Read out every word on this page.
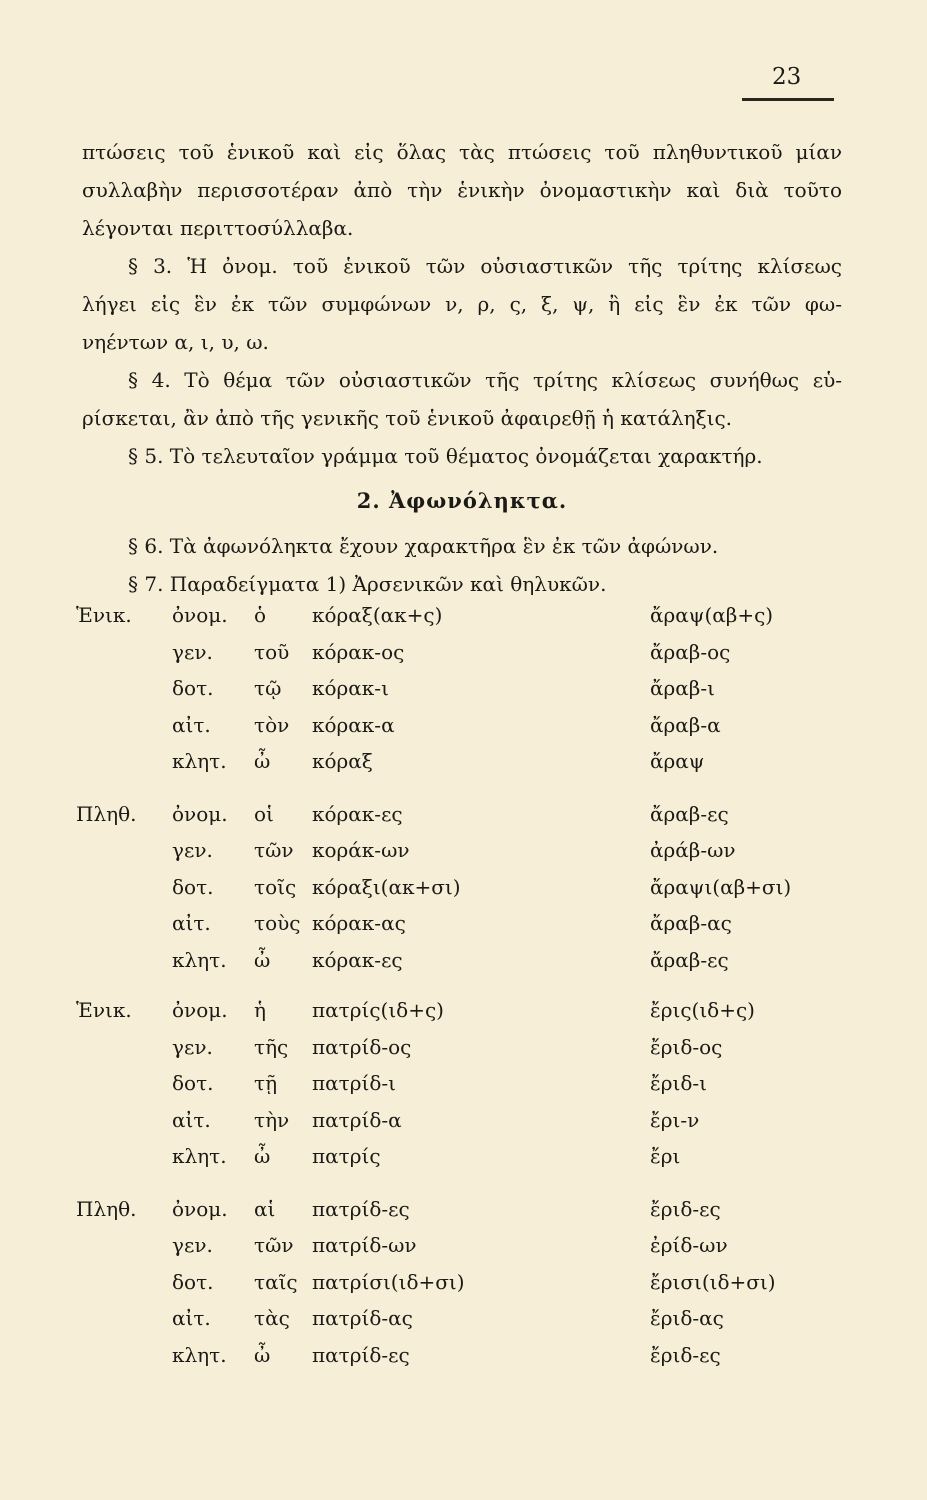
23
πτώσεις τοῦ ἑνικοῦ καὶ εἰς ὅλας τὰς πτώσεις τοῦ πληθυντικοῦ μίαν
συλλαβὴν περισσοτέραν ἀπὸ τὴν ἑνικὴν ὀνομαστικὴν καὶ διὰ τοῦτο
λέγονται περιττοσύλλαβα.
§ 3. Ἡ ὀνομ. τοῦ ἑνικοῦ τῶν οὐσιαστικῶν τῆς τρίτης κλίσεως
λήγει εἰς ἓν ἐκ τῶν συμφώνων ν, ρ, ς, ξ, ψ, ἢ εἰς ἓν ἐκ τῶν φω-
νηέντων α, ι, υ, ω.
§ 4. Τὸ θέμα τῶν οὐσιαστικῶν τῆς τρίτης κλίσεως συνήθως εὑ-
ρίσκεται, ἂν ἀπὸ τῆς γενικῆς τοῦ ἑνικοῦ ἀφαιρεθῇ ἡ κατάληξις.
§ 5. Τὸ τελευταῖον γράμμα τοῦ θέματος ὀνομάζεται χαρακτήρ.
2. Ἀφωνόληκτα.
§ 6. Τὰ ἀφωνόληκτα ἔχουν χαρακτῆρα ἓν ἐκ τῶν ἀφώνων.
§ 7. Παραδείγματα 1) Ἀρσενικῶν καὶ θηλυκῶν.
Ἑνικ. ὀνομ. ὁ κόραξ(ακ+ς)	ἄραψ(αβ+ς)
γεν. τοῦ κόρακ-ος	ἄραβ-ος
δοτ. τῷ κόρακ-ι	ἄραβ-ι
αἰτ. τὸν κόρακ-α	ἄραβ-α
κλητ. ὦ κόραξ	ἄραψ
Πληθ. ὀνομ. οἱ κόρακ-ες	ἄραβ-ες
γεν. τῶν κοράκ-ων	ἀράβ-ων
δοτ. τοῖς κόραξι(ακ+σι)	ἄραψι(αβ+σι)
αἰτ. τοὺς κόρακ-ας	ἄραβ-ας
κλητ. ὦ κόρακ-ες	ἄραβ-ες
Ἑνικ. ὀνομ. ἡ πατρίς(ιδ+ς)	ἔρις(ιδ+ς)
γεν. τῆς πατρίδ-ος	ἔριδ-ος
δοτ. τῇ πατρίδ-ι	ἔριδ-ι
αἰτ. τὴν πατρίδ-α	ἔρι-ν
κλητ. ὦ πατρίς	ἔρι
Πληθ. ὀνομ. αἱ πατρίδ-ες	ἔριδ-ες
γεν. τῶν πατρίδ-ων	ἐρίδ-ων
δοτ. ταῖς πατρίσι(ιδ+σι)	ἔρισι(ιδ+σι)
αἰτ. τὰς πατρίδ-ας	ἔριδ-ας
κλητ. ὦ πατρίδ-ες	ἔριδ-ες
